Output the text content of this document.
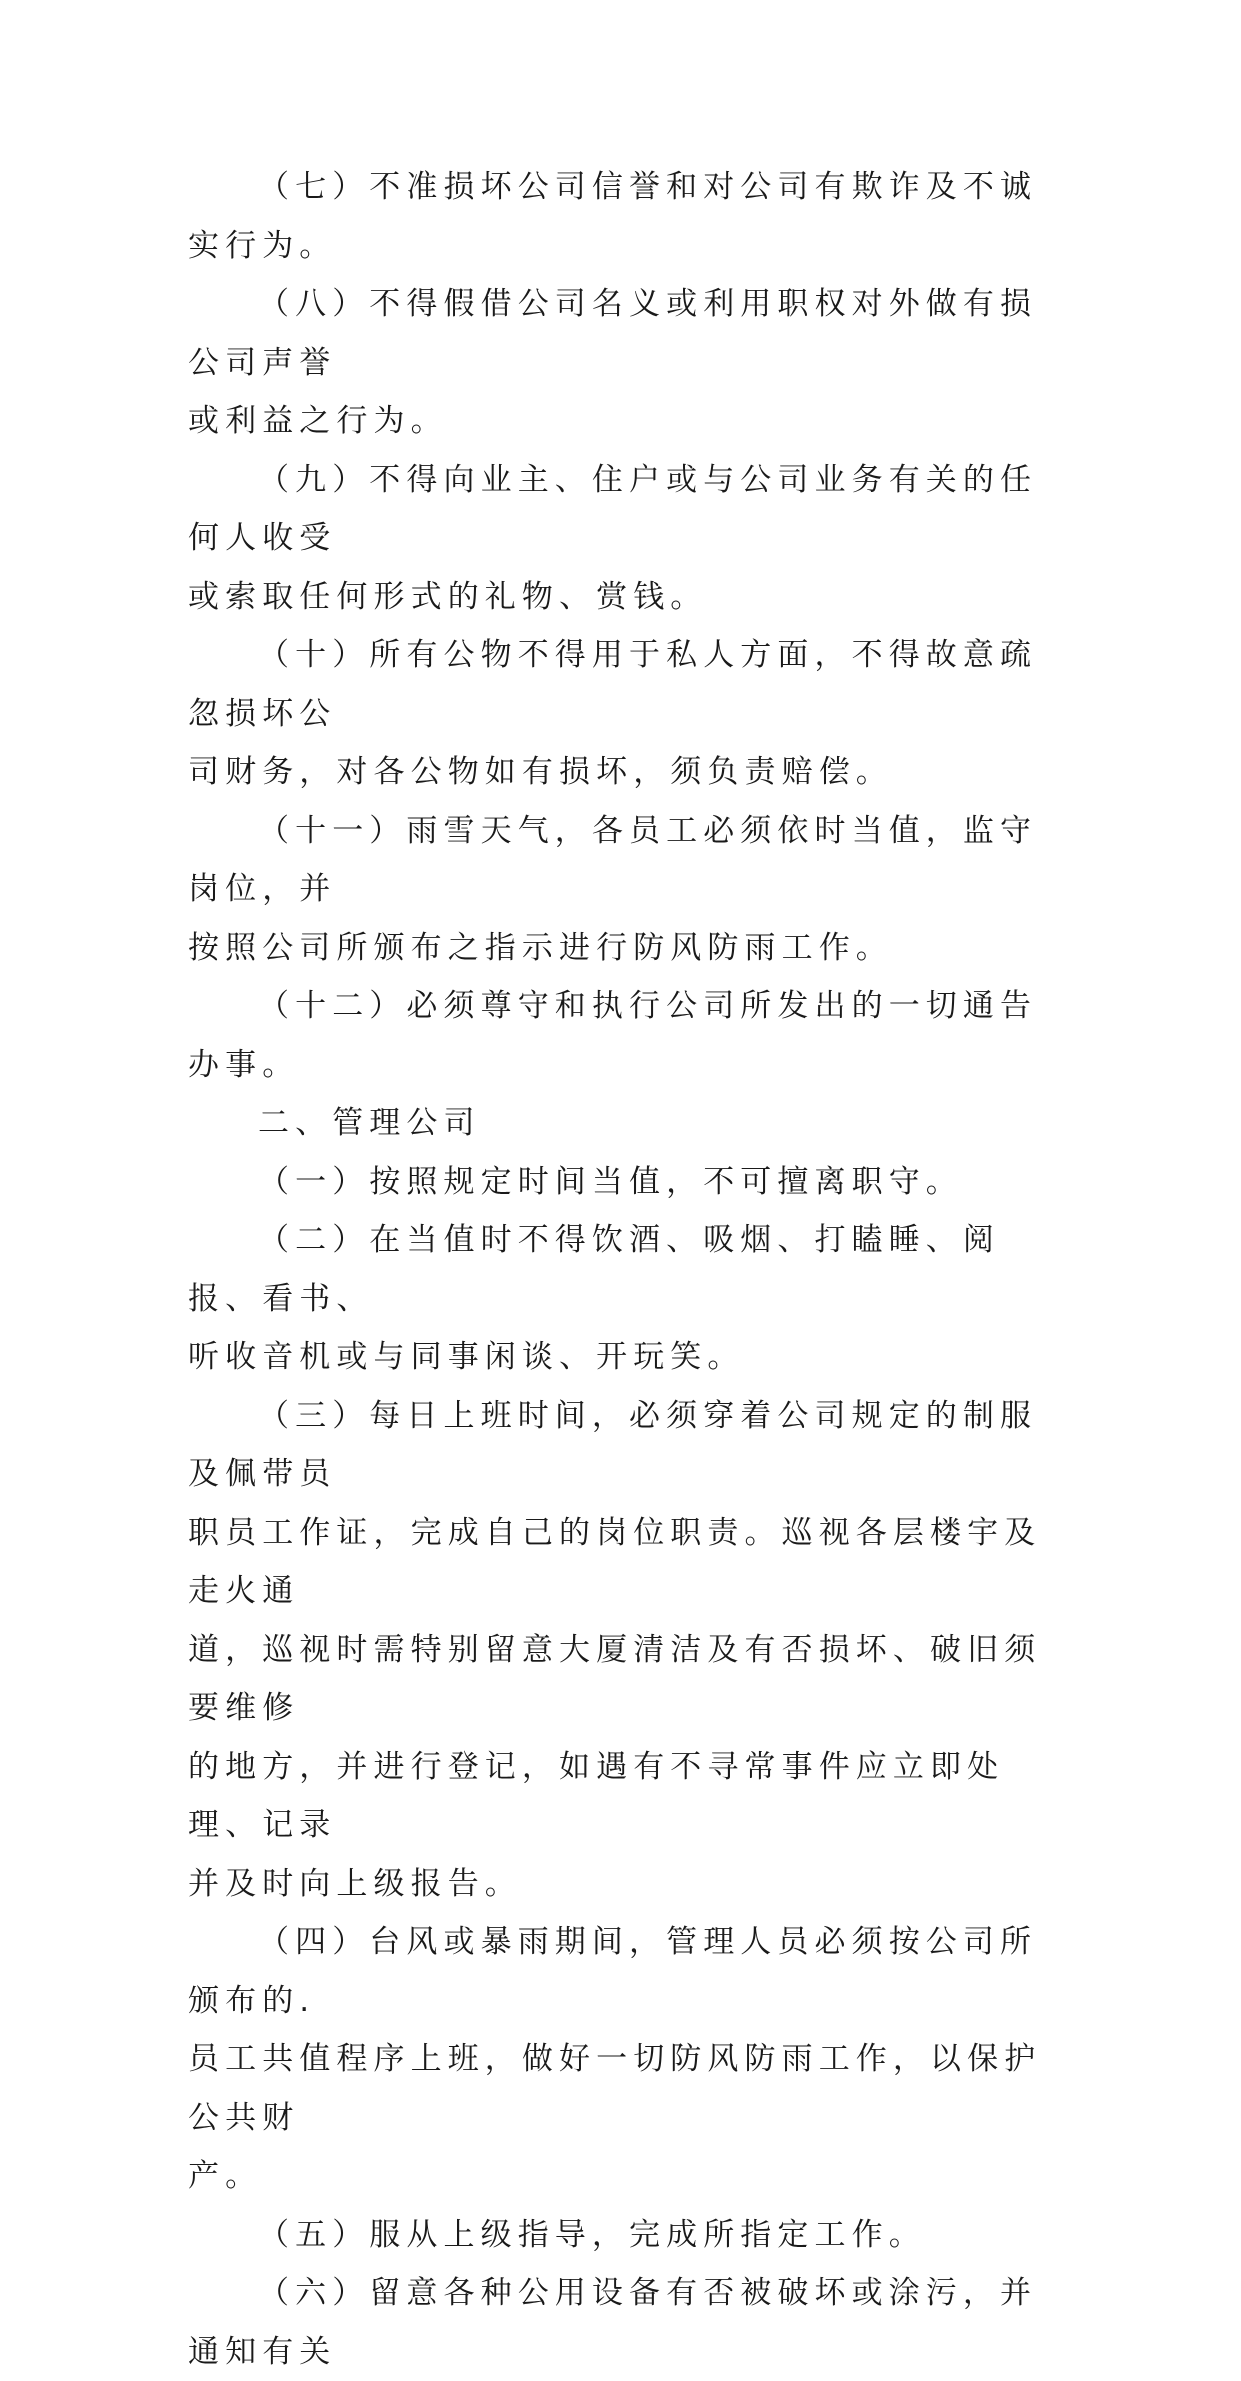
（七）不准损坏公司信誉和对公司有欺诈及不诚实行为。

（八）不得假借公司名义或利用职权对外做有损公司声誉
或利益之行为。

（九）不得向业主、住户或与公司业务有关的任何人收受
或索取任何形式的礼物、赏钱。

（十）所有公物不得用于私人方面，不得故意疏忽损坏公
司财务，对各公物如有损坏，须负责赔偿。

（十一）雨雪天气，各员工必须依时当值，监守岗位，并
按照公司所颁布之指示进行防风防雨工作。

（十二）必须尊守和执行公司所发出的一切通告办事。

二、管理公司

（一）按照规定时间当值，不可擅离职守。

（二）在当值时不得饮酒、吸烟、打瞌睡、阅报、看书、
听收音机或与同事闲谈、开玩笑。

（三）每日上班时间，必须穿着公司规定的制服及佩带员
职员工作证，完成自己的岗位职责。巡视各层楼宇及走火通
道，巡视时需特别留意大厦清洁及有否损坏、破旧须要维修
的地方，并进行登记，如遇有不寻常事件应立即处理、记录
并及时向上级报告。

（四）台风或暴雨期间，管理人员必须按公司所颁布的.
员工共值程序上班，做好一切防风防雨工作，以保护公共财
产。

（五）服从上级指导，完成所指定工作。

（六）留意各种公用设备有否被破坏或涂污，并通知有关
